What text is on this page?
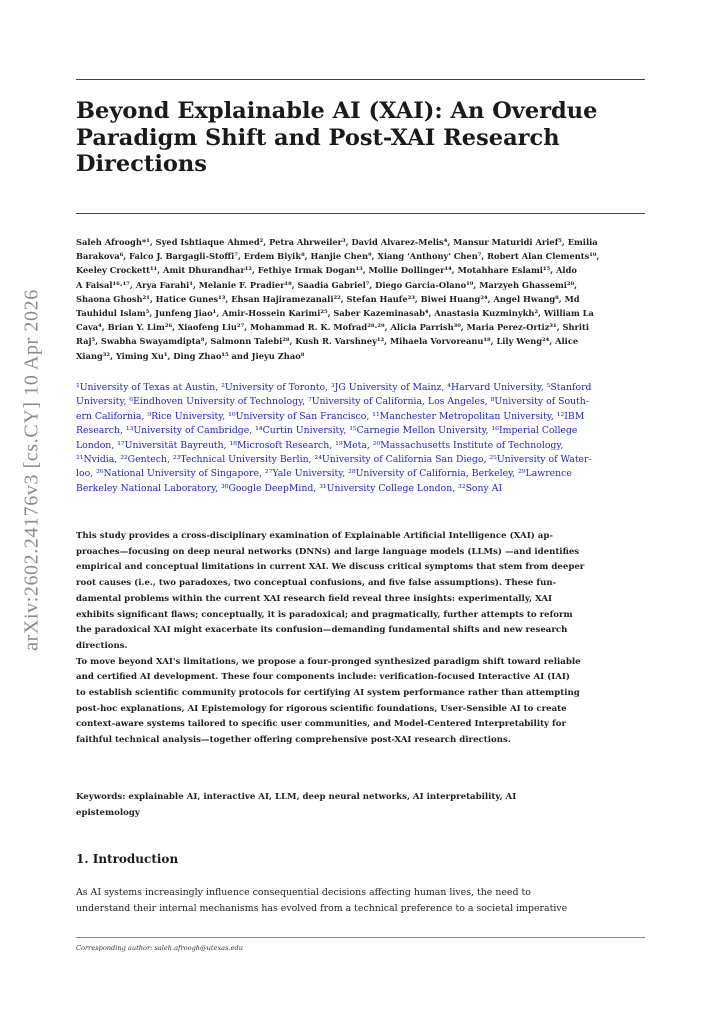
arXiv:2602.24176v3 [cs.CY] 10 Apr 2026
Beyond Explainable AI (XAI): An Overdue
Paradigm Shift and Post-XAI Research
Directions
Saleh Afroogh*¹, Syed Ishtiaque Ahmed², Petra Ahrweiler³, David Alvarez-Melis⁴, Mansur Maturidi Arief⁵, Emilia
Barakova⁶, Falco J. Bargagli-Stoffi⁷, Erdem Biyik⁸, Hanjie Chen⁹, Xiang 'Anthony' Chen⁷, Robert Alan Clements¹⁰,
Keeley Crockett¹¹, Amit Dhurandhar¹², Fethiye Irmak Dogan¹³, Mollie Dollinger¹⁴, Motahhare Eslami¹⁵, Aldo
A Faisal¹⁶·¹⁷, Arya Farahi¹, Melanie F. Pradier¹⁸, Saadia Gabriel⁷, Diego Garcia-Olano¹⁹, Marzyeh Ghassemi²⁰,
Shaona Ghosh²¹, Hatice Gunes¹³, Ehsan Hajiramezanali²², Stefan Haufe²³, Biwei Huang²⁴, Angel Hwang⁸, Md
Tauhidul Islam⁵, Junfeng Jiao¹, Amir-Hossein Karimi²⁵, Saber Kazeminasab⁴, Anastasia Kuzminykh², William La
Cava⁴, Brian Y. Lim²⁶, Xiaofeng Liu²⁷, Mohammad R. K. Mofrad²⁸·²⁹, Alicia Parrish³⁰, Maria Perez-Ortiz³¹, Shriti
Raj⁵, Swabha Swayamdipta⁸, Salmonn Talebi²⁸, Kush R. Varshney¹², Mihaela Vorvoreanu¹⁸, Lily Weng²⁴, Alice
Xiang³², Yiming Xu¹, Ding Zhao¹⁵ and Jieyu Zhao⁸
¹University of Texas at Austin, ²University of Toronto, ³JG University of Mainz, ⁴Harvard University, ⁵Stanford
University, ⁶Eindhoven University of Technology, ⁷University of California, Los Angeles, ⁸University of South-
ern California, ⁹Rice University, ¹⁰University of San Francisco, ¹¹Manchester Metropolitan University, ¹²IBM
Research, ¹³University of Cambridge, ¹⁴Curtin University, ¹⁵Carnegie Mellon University, ¹⁶Imperial College
London, ¹⁷Universität Bayreuth, ¹⁸Microsoft Research, ¹⁹Meta, ²⁰Massachusetts Institute of Technology,
²¹Nvidia, ²²Gentech, ²³Technical University Berlin, ²⁴University of California San Diego, ²⁵University of Water-
loo, ²⁶National University of Singapore, ²⁷Yale University, ²⁸University of California, Berkeley, ²⁹Lawrence
Berkeley National Laboratory, ³⁰Google DeepMind, ³¹University College London, ³²Sony AI
This study provides a cross-disciplinary examination of Explainable Artificial Intelligence (XAI) ap-
proaches—focusing on deep neural networks (DNNs) and large language models (LLMs) —and identifies
empirical and conceptual limitations in current XAI. We discuss critical symptoms that stem from deeper
root causes (i.e., two paradoxes, two conceptual confusions, and five false assumptions). These fun-
damental problems within the current XAI research field reveal three insights: experimentally, XAI
exhibits significant flaws; conceptually, it is paradoxical; and pragmatically, further attempts to reform
the paradoxical XAI might exacerbate its confusion—demanding fundamental shifts and new research
directions.
To move beyond XAI's limitations, we propose a four-pronged synthesized paradigm shift toward reliable
and certified AI development. These four components include: verification-focused Interactive AI (IAI)
to establish scientific community protocols for certifying AI system performance rather than attempting
post-hoc explanations, AI Epistemology for rigorous scientific foundations, User-Sensible AI to create
context-aware systems tailored to specific user communities, and Model-Centered Interpretability for
faithful technical analysis—together offering comprehensive post-XAI research directions.
Keywords: explainable AI, interactive AI, LLM, deep neural networks, AI interpretability, AI
epistemology
1. Introduction
As AI systems increasingly influence consequential decisions affecting human lives, the need to
understand their internal mechanisms has evolved from a technical preference to a societal imperative
Corresponding author: saleh.afroogh@utexas.edu
